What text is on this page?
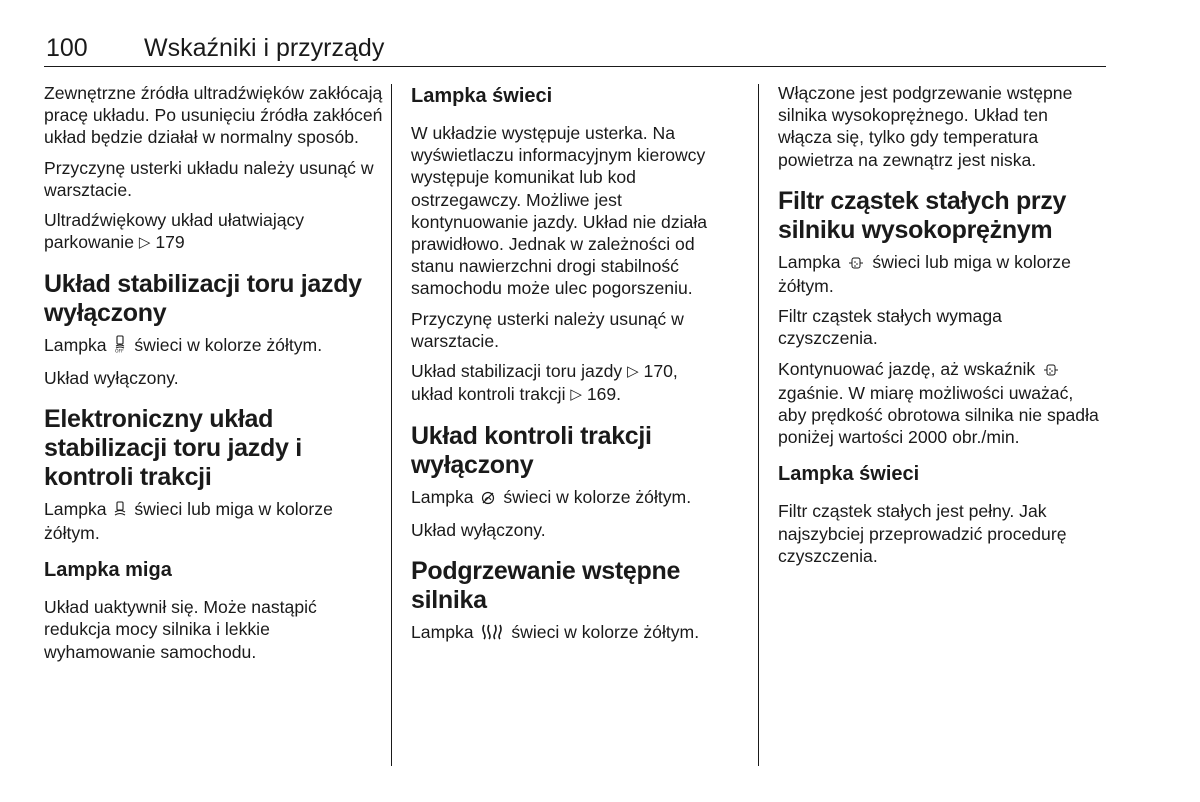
100 Wskaźniki i przyrządy

Zewnętrzne źródła ultradźwięków zakłócają pracę układu. Po usunięciu źródła zakłóceń układ będzie działał w normalny sposób.

Przyczynę usterki układu należy usunąć w warsztacie.

Ultradźwiękowy układ ułatwiający parkowanie ▷ 179

Układ stabilizacji toru jazdy wyłączony

Lampka OFF świeci w kolorze żółtym.

Układ wyłączony.

Elektroniczny układ stabilizacji toru jazdy i kontroli trakcji

Lampka świeci lub miga w kolorze żółtym.

Lampka miga

Układ uaktywnił się. Może nastąpić redukcja mocy silnika i lekkie wyhamowanie samochodu.

Lampka świeci

W układzie występuje usterka. Na wyświetlaczu informacyjnym kierowcy występuje komunikat lub kod ostrzegawczy. Możliwe jest kontynuowanie jazdy. Układ nie działa prawidłowo. Jednak w zależności od stanu nawierzchni drogi stabilność samochodu może ulec pogorszeniu.

Przyczynę usterki należy usunąć w warsztacie.

Układ stabilizacji toru jazdy ▷ 170,
układ kontroli trakcji ▷ 169.

Układ kontroli trakcji wyłączony

Lampka świeci w kolorze żółtym.

Układ wyłączony.

Podgrzewanie wstępne silnika

Lampka świeci w kolorze żółtym.

Włączone jest podgrzewanie wstępne silnika wysokoprężnego. Układ ten włącza się, tylko gdy temperatura powietrza na zewnątrz jest niska.

Filtr cząstek stałych przy silniku wysokoprężnym

Lampka świeci lub miga w kolorze żółtym.

Filtr cząstek stałych wymaga czyszczenia.

Kontynuować jazdę, aż wskaźnik  zgaśnie. W miarę możliwości uważać, aby prędkość obrotowa silnika nie spadła poniżej wartości 2000 obr./min.

Lampka świeci

Filtr cząstek stałych jest pełny. Jak najszybciej przeprowadzić procedurę czyszczenia.
